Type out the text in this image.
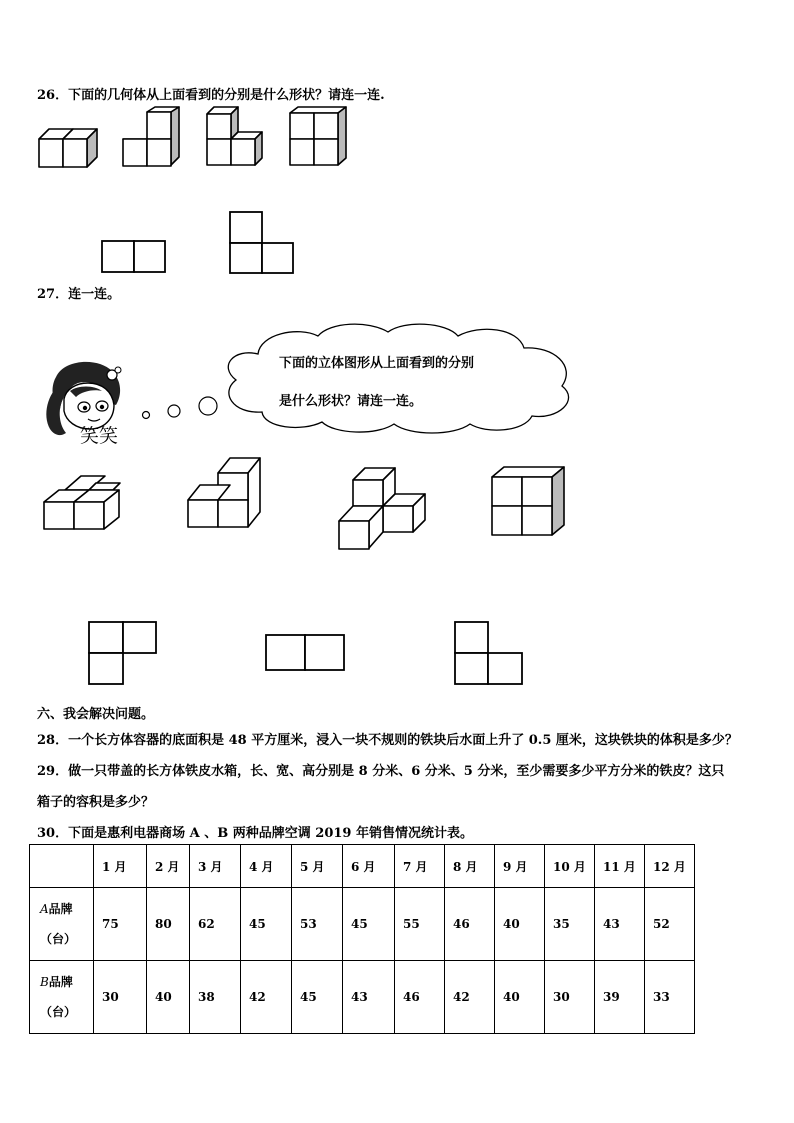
26．下面的几何体从上面看到的分别是什么形状？请连一连.
27．连一连。
笑笑
下面的立体图形从上面看到的分别
是什么形状？请连一连。
六、我会解决问题。
28．一个长方体容器的底面积是 48 平方厘米，浸入一块不规则的铁块后水面上升了 0.5 厘米，这块铁块的体积是多少？
29．做一只带盖的长方体铁皮水箱，长、宽、高分别是 8 分米、6 分米、5 分米，至少需要多少平方分米的铁皮？这只
箱子的容积是多少？
30．下面是惠利电器商场 A 、B 两种品牌空调 2019 年销售情况统计表。
	1 月	2 月	3 月	4 月	5 月	6 月	7 月	8 月	9 月	10 月	11 月	12 月
A品牌
（台）	75	80	62	45	53	45	55	46	40	35	43	52
B品牌
（台）	30	40	38	42	45	43	46	42	40	30	39	33
